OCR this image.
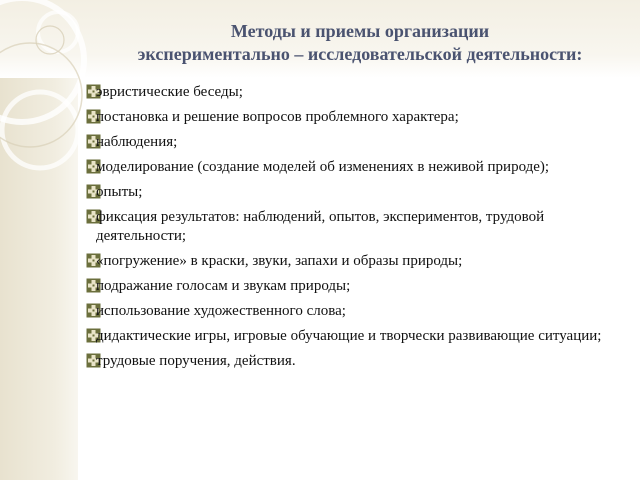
Методы и приемы организации
экспериментально – исследовательской деятельности:
эвристические беседы;
постановка и решение вопросов проблемного характера;
наблюдения;
моделирование (создание моделей об изменениях в неживой природе);
опыты;
фиксация результатов: наблюдений, опытов, экспериментов, трудовой деятельности;
«погружение» в краски, звуки, запахи и образы природы;
подражание голосам и звукам природы;
использование художественного слова;
дидактические игры, игровые обучающие и творчески развивающие ситуации;
трудовые поручения, действия.
